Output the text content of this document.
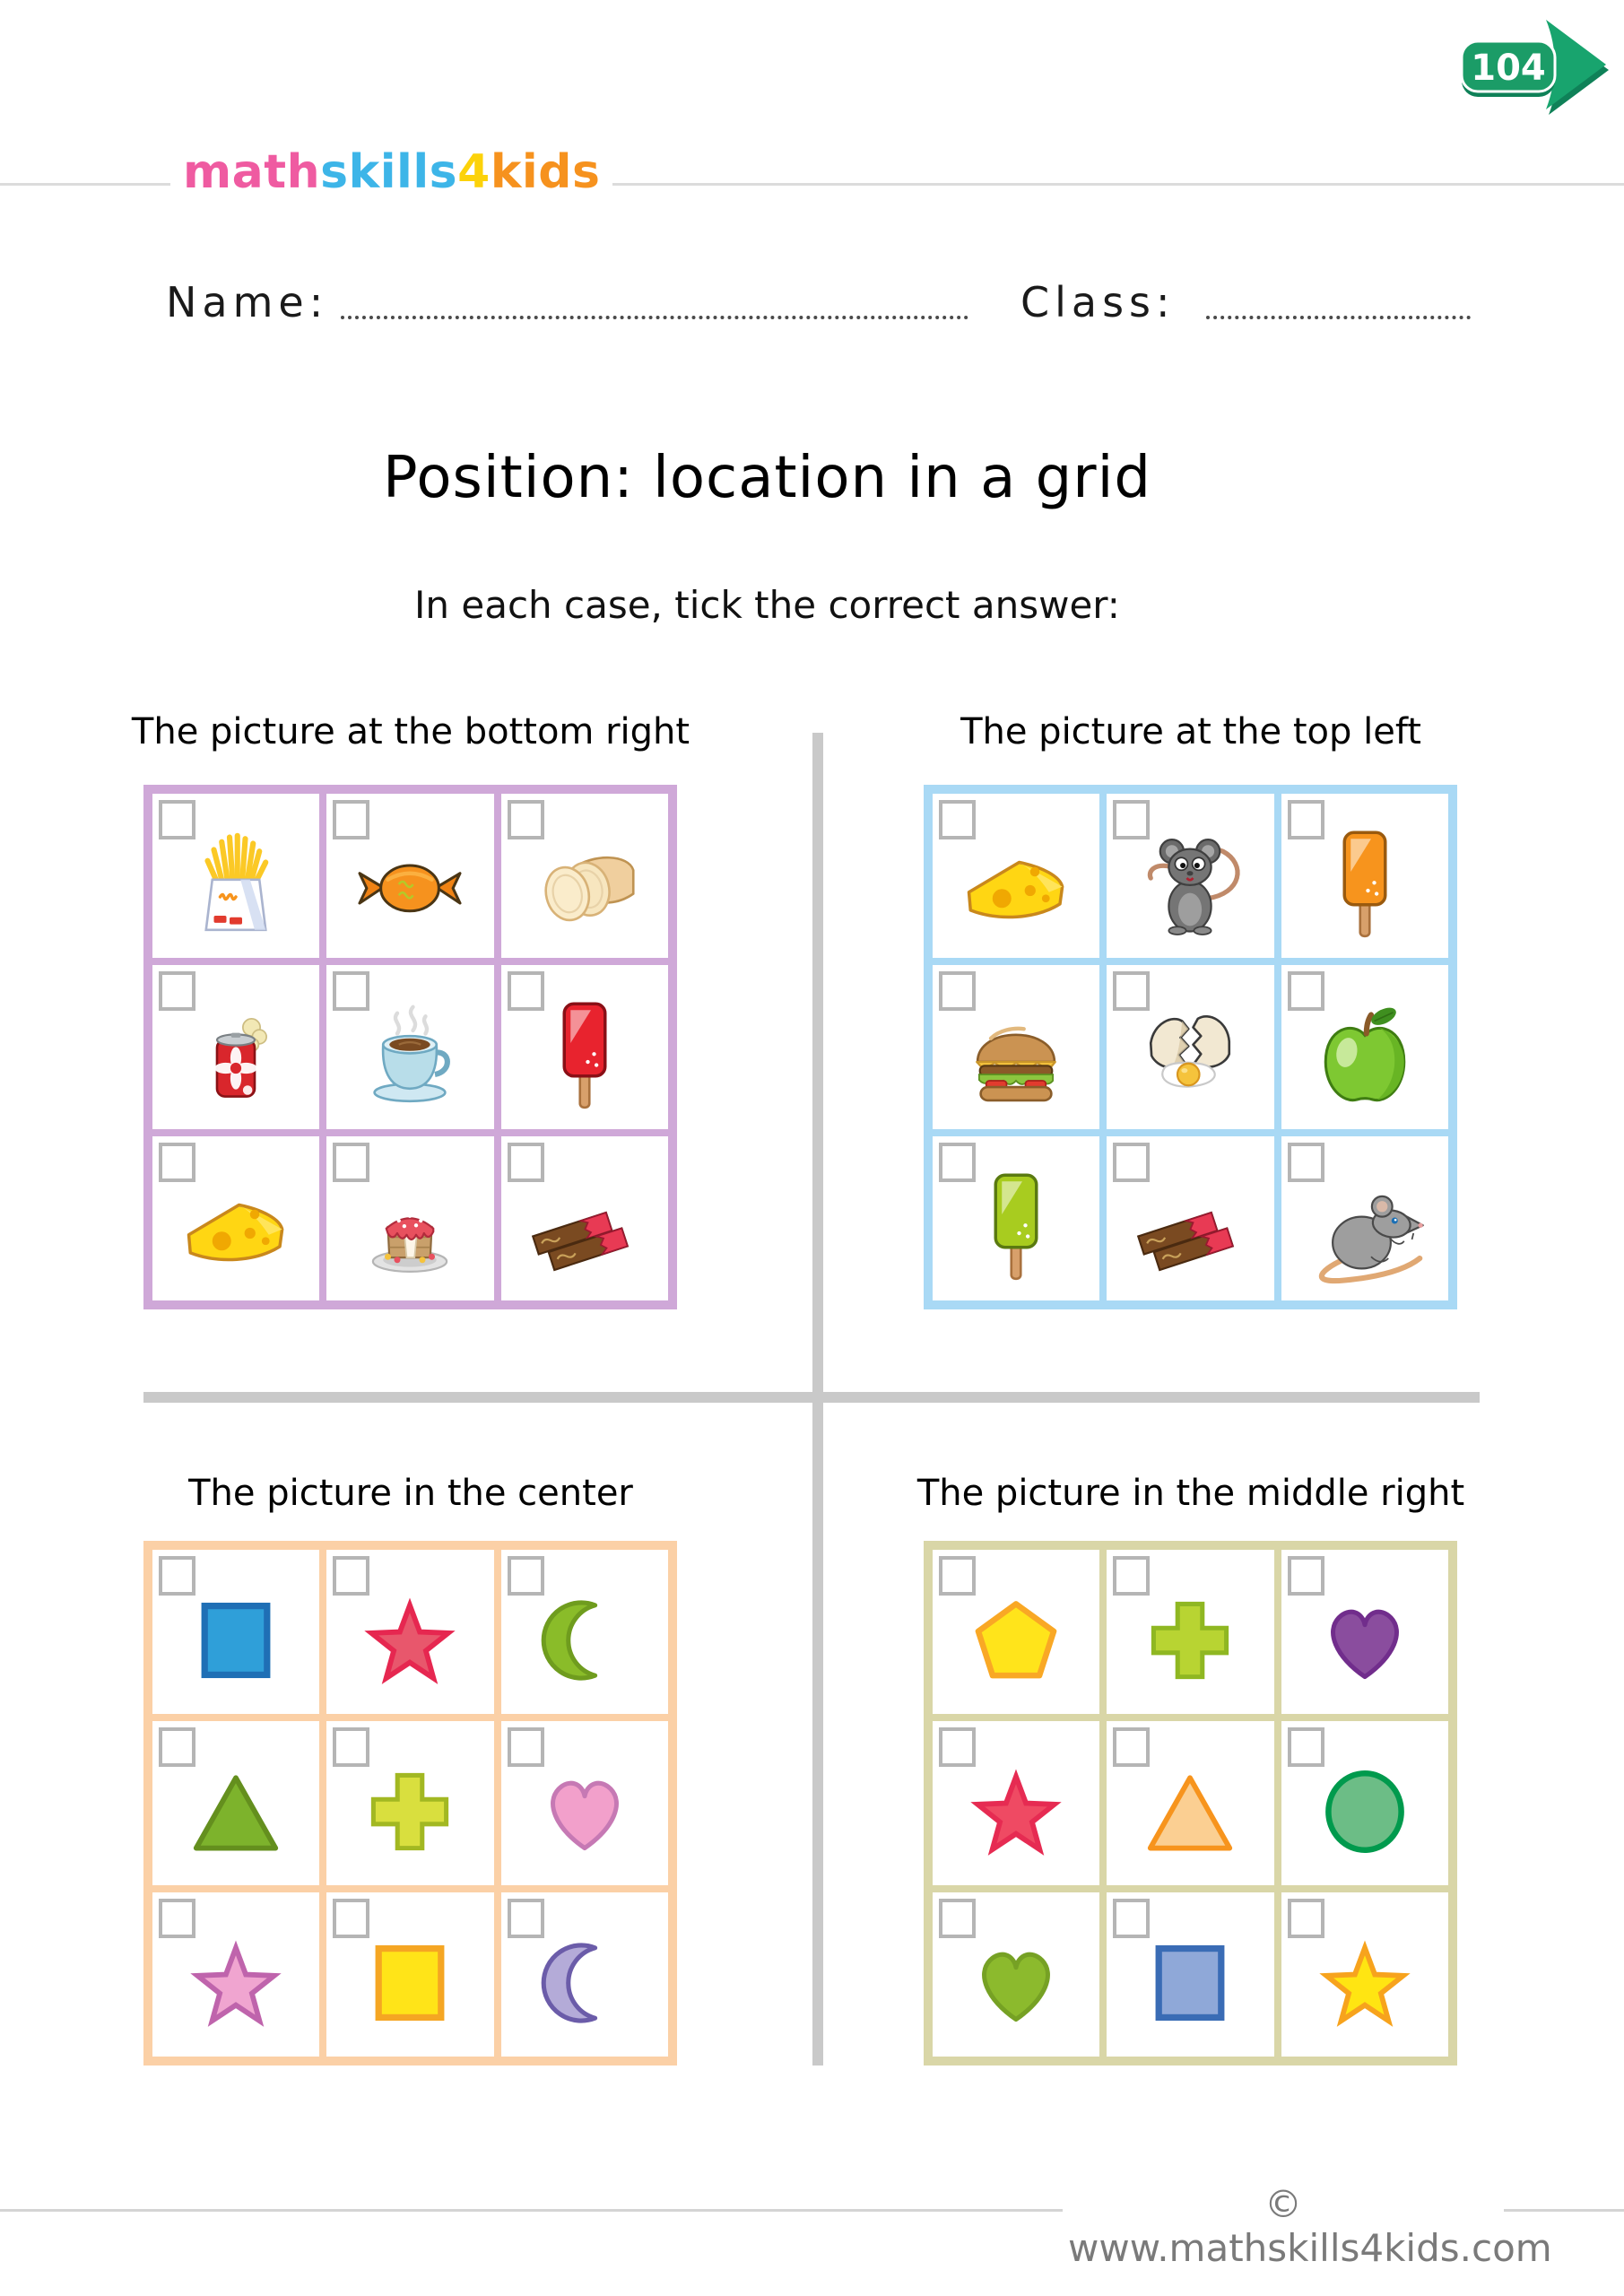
mathskills4kids
104
Name:	Class:
Position: location in a grid
In each case, tick the correct answer:
The picture at the bottom right	The picture at the top left
The picture in the center	The picture in the middle right
© www.mathskills4kids.com
